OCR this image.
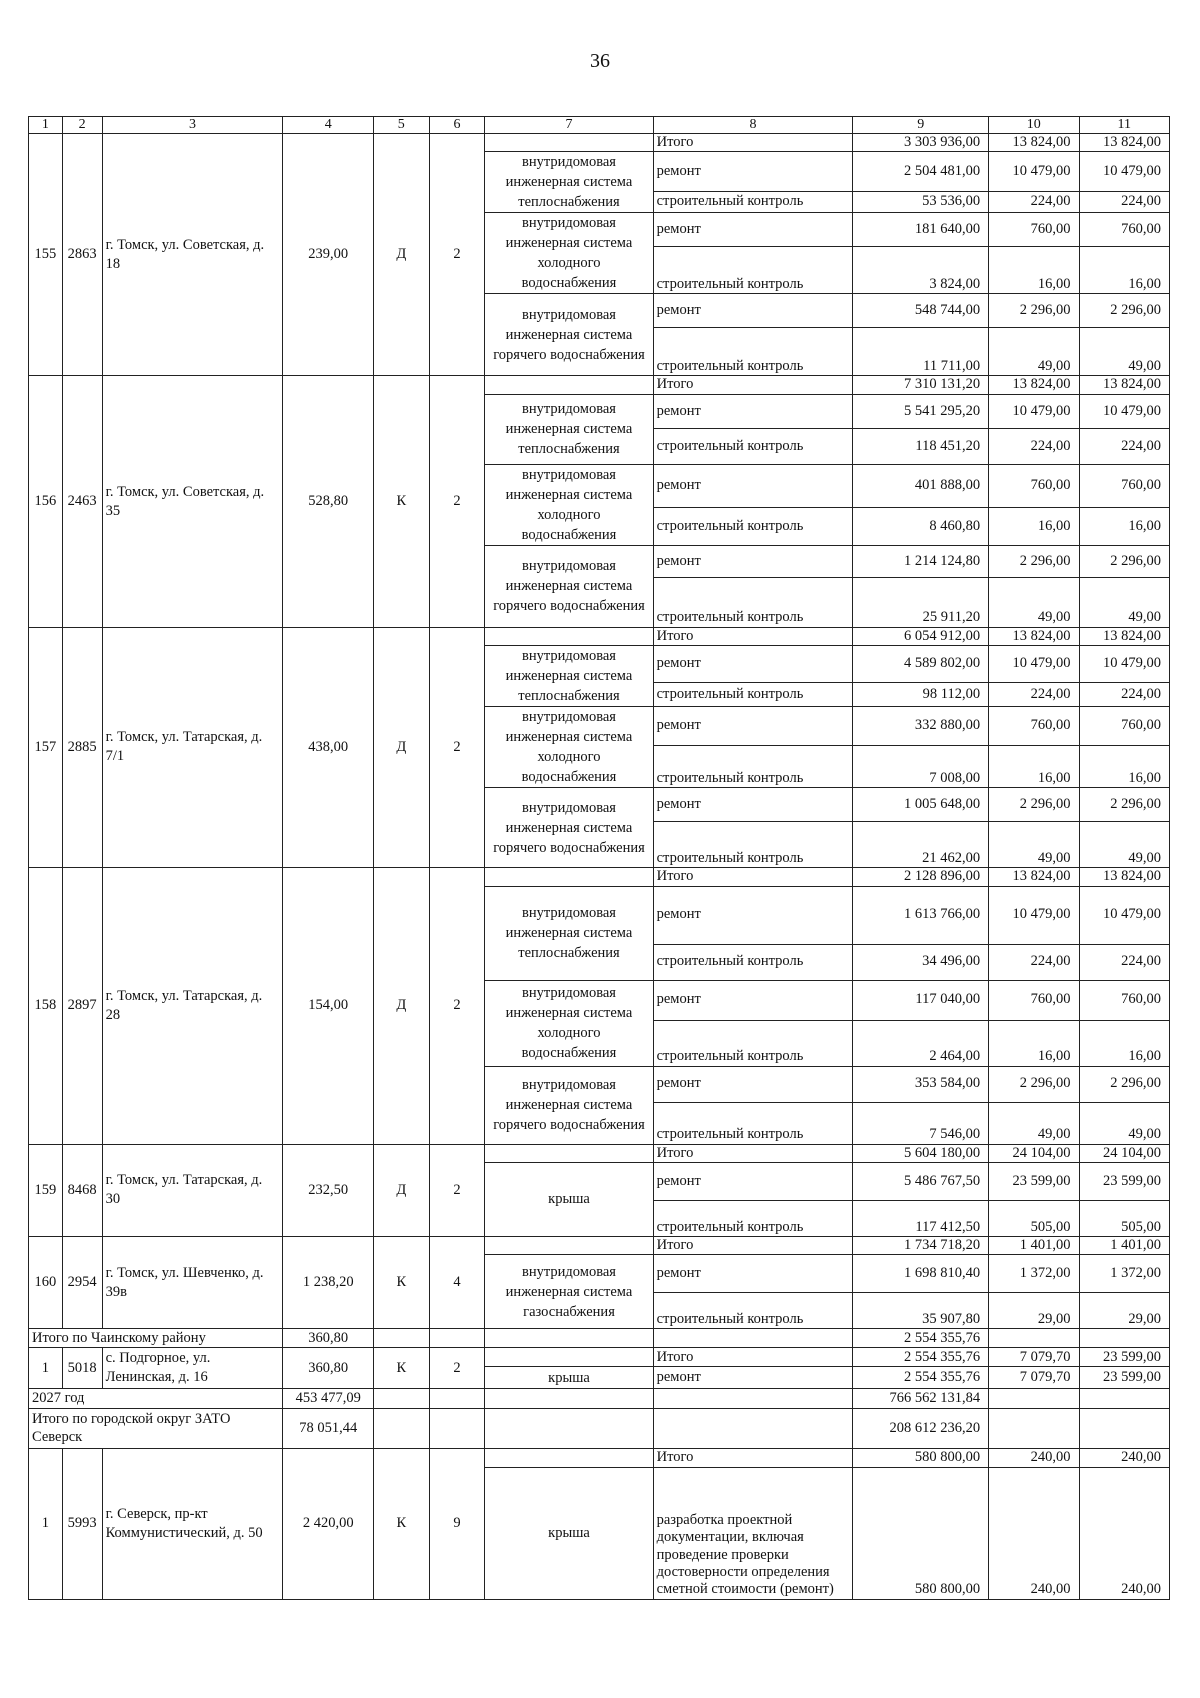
36
1	2	3	4	5	6	7	8	9	10	11
155	2863	г. Томск, ул. Советская, д. 18	239,00	Д	2		Итого	3 303 936,00	13 824,00	13 824,00
						внутридомовая инженерная система теплоснабжения	ремонт	2 504 481,00	10 479,00	10 479,00
							строительный контроль	53 536,00	224,00	224,00
						внутридомовая инженерная система холодного водоснабжения	ремонт	181 640,00	760,00	760,00
							строительный контроль	3 824,00	16,00	16,00
						внутридомовая инженерная система горячего водоснабжения	ремонт	548 744,00	2 296,00	2 296,00
							строительный контроль	11 711,00	49,00	49,00
156	2463	г. Томск, ул. Советская, д. 35	528,80	К	2		Итого	7 310 131,20	13 824,00	13 824,00
						внутридомовая инженерная система теплоснабжения	ремонт	5 541 295,20	10 479,00	10 479,00
							строительный контроль	118 451,20	224,00	224,00
						внутридомовая инженерная система холодного водоснабжения	ремонт	401 888,00	760,00	760,00
							строительный контроль	8 460,80	16,00	16,00
						внутридомовая инженерная система горячего водоснабжения	ремонт	1 214 124,80	2 296,00	2 296,00
							строительный контроль	25 911,20	49,00	49,00
157	2885	г. Томск, ул. Татарская, д. 7/1	438,00	Д	2		Итого	6 054 912,00	13 824,00	13 824,00
						внутридомовая инженерная система теплоснабжения	ремонт	4 589 802,00	10 479,00	10 479,00
							строительный контроль	98 112,00	224,00	224,00
						внутридомовая инженерная система холодного водоснабжения	ремонт	332 880,00	760,00	760,00
							строительный контроль	7 008,00	16,00	16,00
						внутридомовая инженерная система горячего водоснабжения	ремонт	1 005 648,00	2 296,00	2 296,00
							строительный контроль	21 462,00	49,00	49,00
158	2897	г. Томск, ул. Татарская, д. 28	154,00	Д	2		Итого	2 128 896,00	13 824,00	13 824,00
						внутридомовая инженерная система теплоснабжения	ремонт	1 613 766,00	10 479,00	10 479,00
							строительный контроль	34 496,00	224,00	224,00
						внутридомовая инженерная система холодного водоснабжения	ремонт	117 040,00	760,00	760,00
							строительный контроль	2 464,00	16,00	16,00
						внутридомовая инженерная система горячего водоснабжения	ремонт	353 584,00	2 296,00	2 296,00
							строительный контроль	7 546,00	49,00	49,00
159	8468	г. Томск, ул. Татарская, д. 30	232,50	Д	2		Итого	5 604 180,00	24 104,00	24 104,00
						крыша	ремонт	5 486 767,50	23 599,00	23 599,00
							строительный контроль	117 412,50	505,00	505,00
160	2954	г. Томск, ул. Шевченко, д. 39в	1 238,20	К	4		Итого	1 734 718,20	1 401,00	1 401,00
						внутридомовая инженерная система газоснабжения	ремонт	1 698 810,40	1 372,00	1 372,00
							строительный контроль	35 907,80	29,00	29,00
Итого по Чаинскому району			360,80					2 554 355,76		
1	5018	с. Подгорное, ул. Ленинская, д. 16	360,80	К	2		Итого	2 554 355,76	7 079,70	23 599,00
						крыша	ремонт	2 554 355,76	7 079,70	23 599,00
2027 год			453 477,09					766 562 131,84		
Итого по городской округ ЗАТО Северск			78 051,44					208 612 236,20		
1	5993	г. Северск, пр-кт Коммунистический, д. 50	2 420,00	К	9		Итого	580 800,00	240,00	240,00
						крыша	разработка проектной документации, включая проведение проверки достоверности определения сметной стоимости (ремонт)	580 800,00	240,00	240,00
